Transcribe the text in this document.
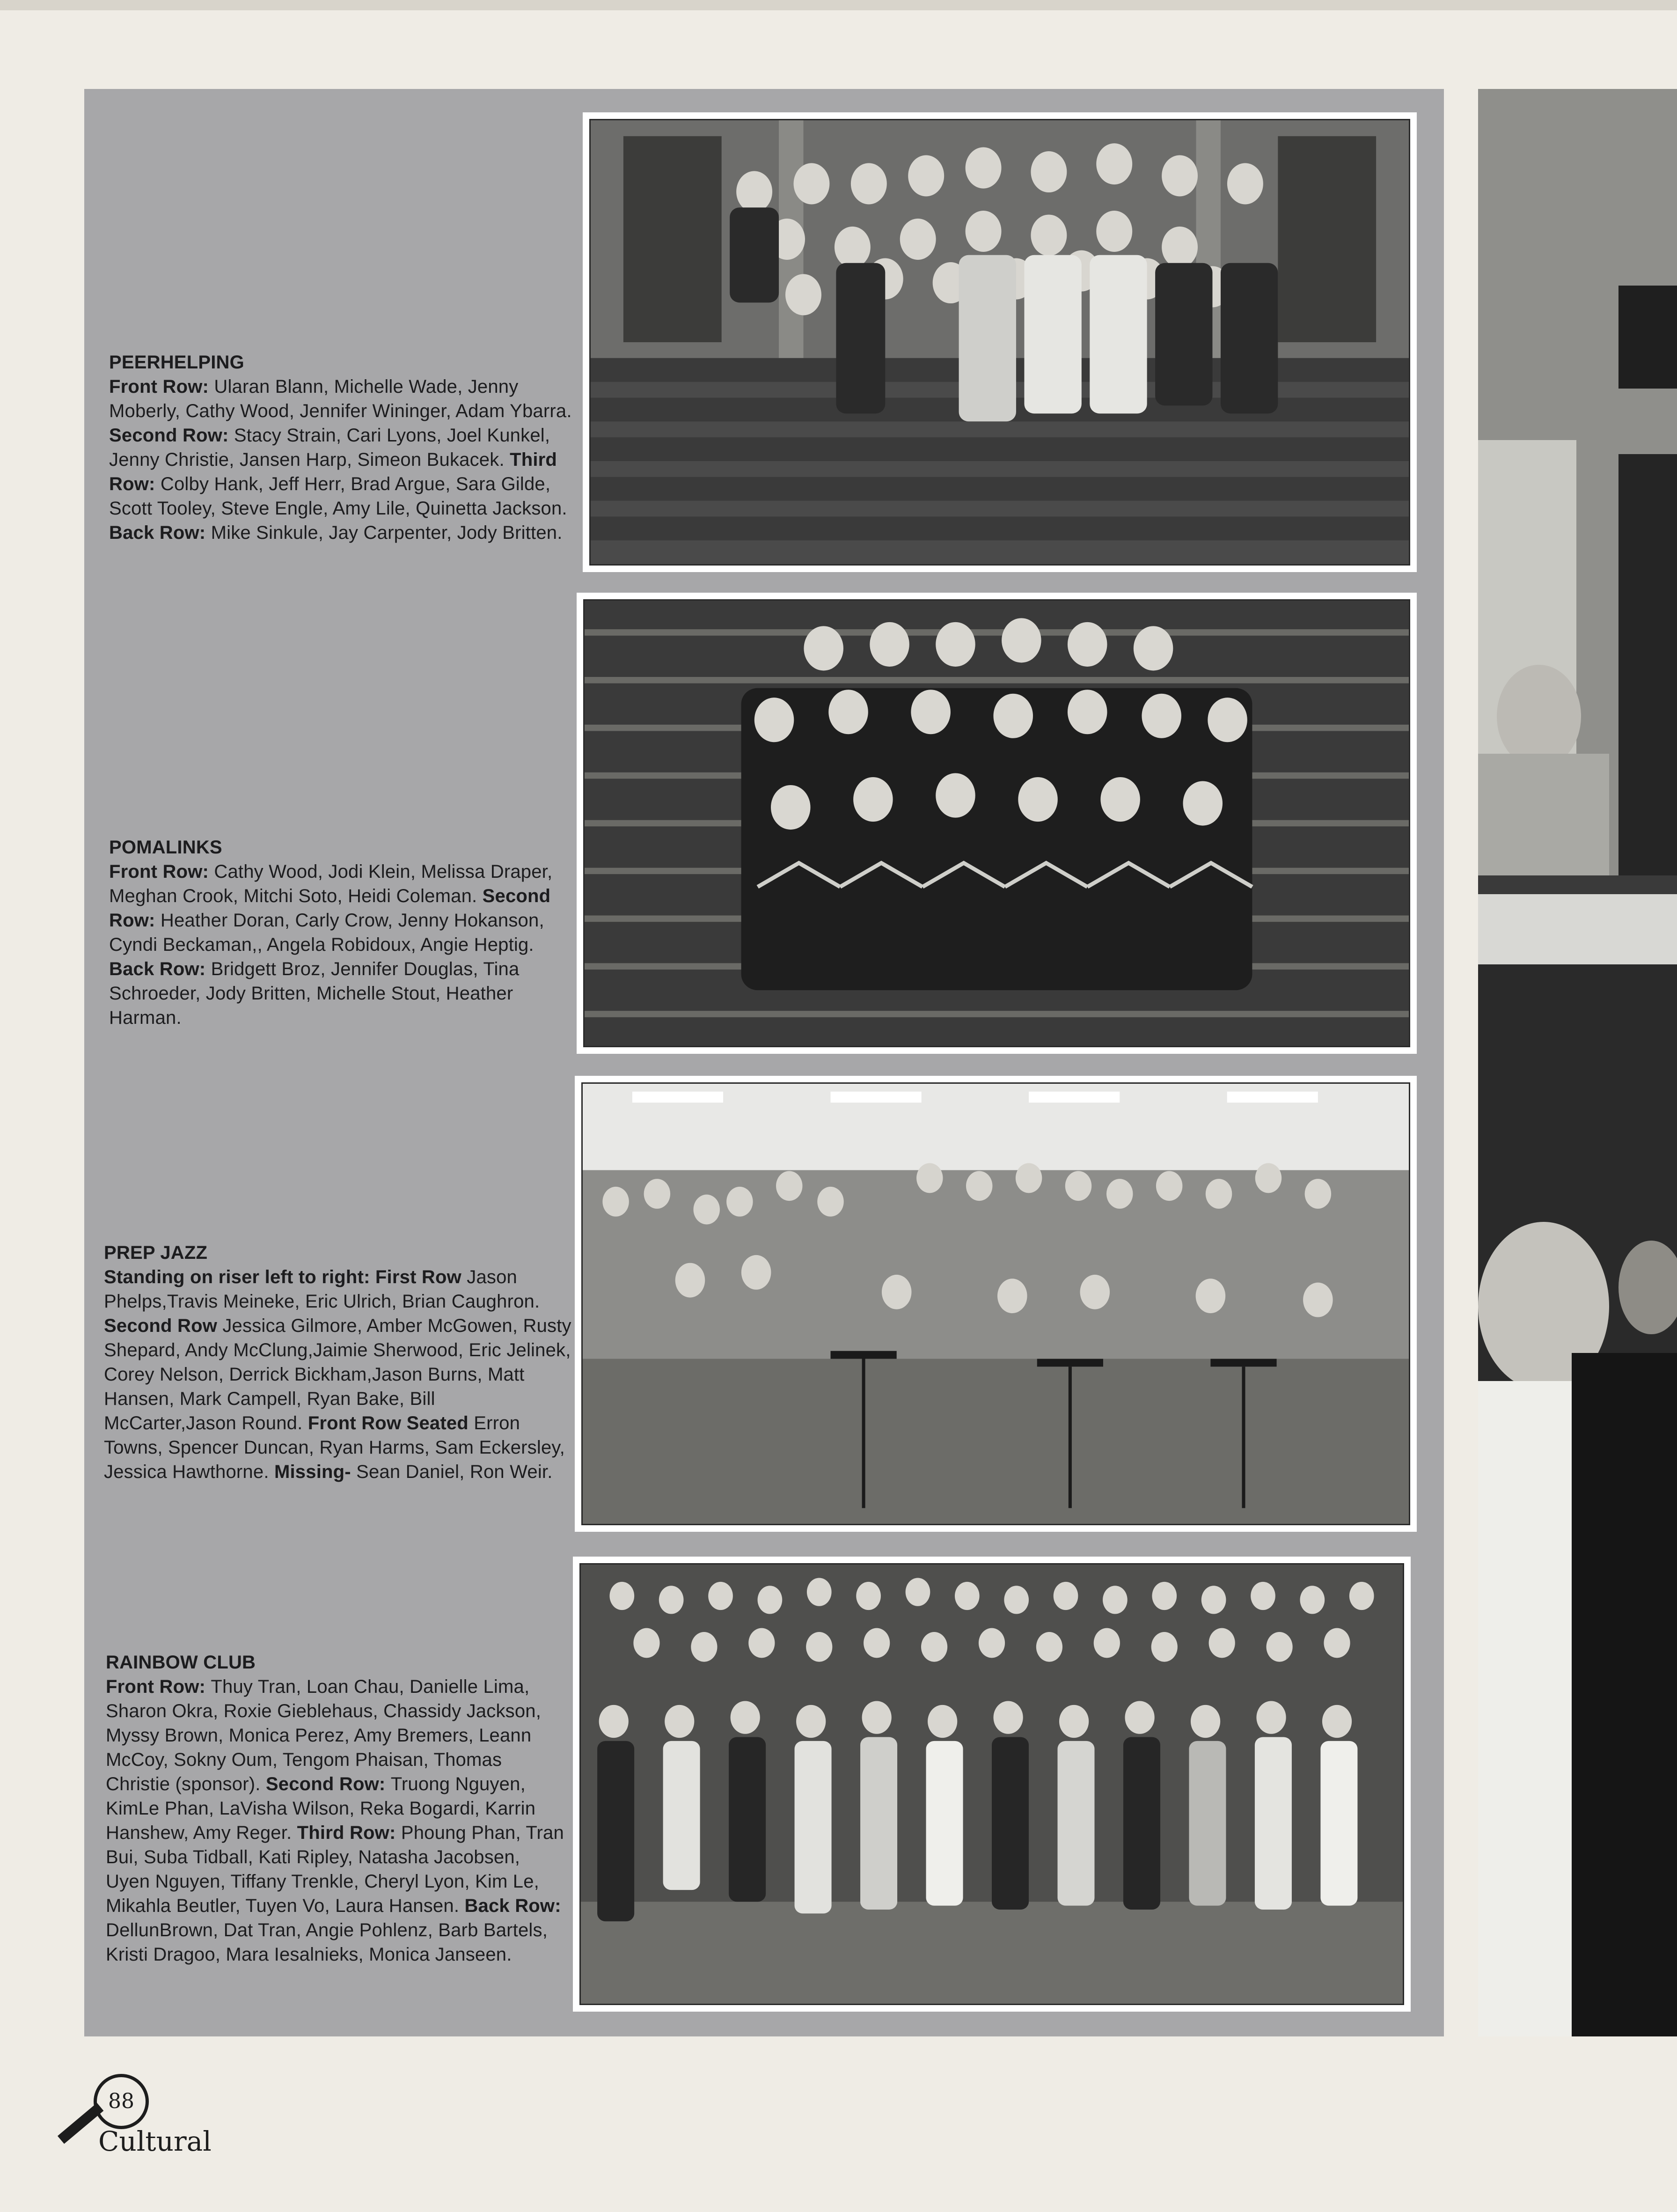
PEERHELPING
Front Row: Ularan Blann, Michelle Wade, Jenny Moberly, Cathy Wood, Jennifer Wininger, Adam Ybarra. Second Row: Stacy Strain, Cari Lyons, Joel Kunkel, Jenny Christie, Jansen Harp, Simeon Bukacek. Third Row: Colby Hank, Jeff Herr, Brad Argue, Sara Gilde, Scott Tooley, Steve Engle, Amy Lile, Quinetta Jackson. Back Row: Mike Sinkule, Jay Carpenter, Jody Britten.
POMALINKS
Front Row: Cathy Wood, Jodi Klein, Melissa Draper, Meghan Crook, Mitchi Soto, Heidi Coleman. Second Row: Heather Doran, Carly Crow, Jenny Hokanson, Cyndi Beckaman,, Angela Robidoux, Angie Heptig. Back Row: Bridgett Broz, Jennifer Douglas, Tina Schroeder, Jody Britten, Michelle Stout, Heather Harman.
PREP JAZZ
Standing on riser left to right: First Row Jason Phelps,Travis Meineke, Eric Ulrich, Brian Caughron. Second Row Jessica Gilmore, Amber McGowen, Rusty Shepard, Andy McClung,Jaimie Sherwood, Eric Jelinek, Corey Nelson, Derrick Bickham,Jason Burns, Matt Hansen, Mark Campell, Ryan Bake, Bill McCarter,Jason Round. Front Row Seated Erron Towns, Spencer Duncan, Ryan Harms, Sam Eckersley, Jessica Hawthorne. Missing- Sean Daniel, Ron Weir.
RAINBOW CLUB
Front Row: Thuy Tran, Loan Chau, Danielle Lima, Sharon Okra, Roxie Gieblehaus, Chassidy Jackson, Myssy Brown, Monica Perez, Amy Bremers, Leann McCoy, Sokny Oum, Tengom Phaisan, Thomas Christie (sponsor). Second Row: Truong Nguyen, KimLe Phan, LaVisha Wilson, Reka Bogardi, Karrin Hanshew, Amy Reger. Third Row: Phoung Phan, Tran Bui, Suba Tidball, Kati Ripley, Natasha Jacobsen, Uyen Nguyen, Tiffany Trenkle, Cheryl Lyon, Kim Le, Mikahla Beutler, Tuyen Vo, Laura Hansen. Back Row: DellunBrown, Dat Tran, Angie Pohlenz, Barb Bartels, Kristi Dragoo, Mara Iesalnieks, Monica Janseen.
88
Cultural
